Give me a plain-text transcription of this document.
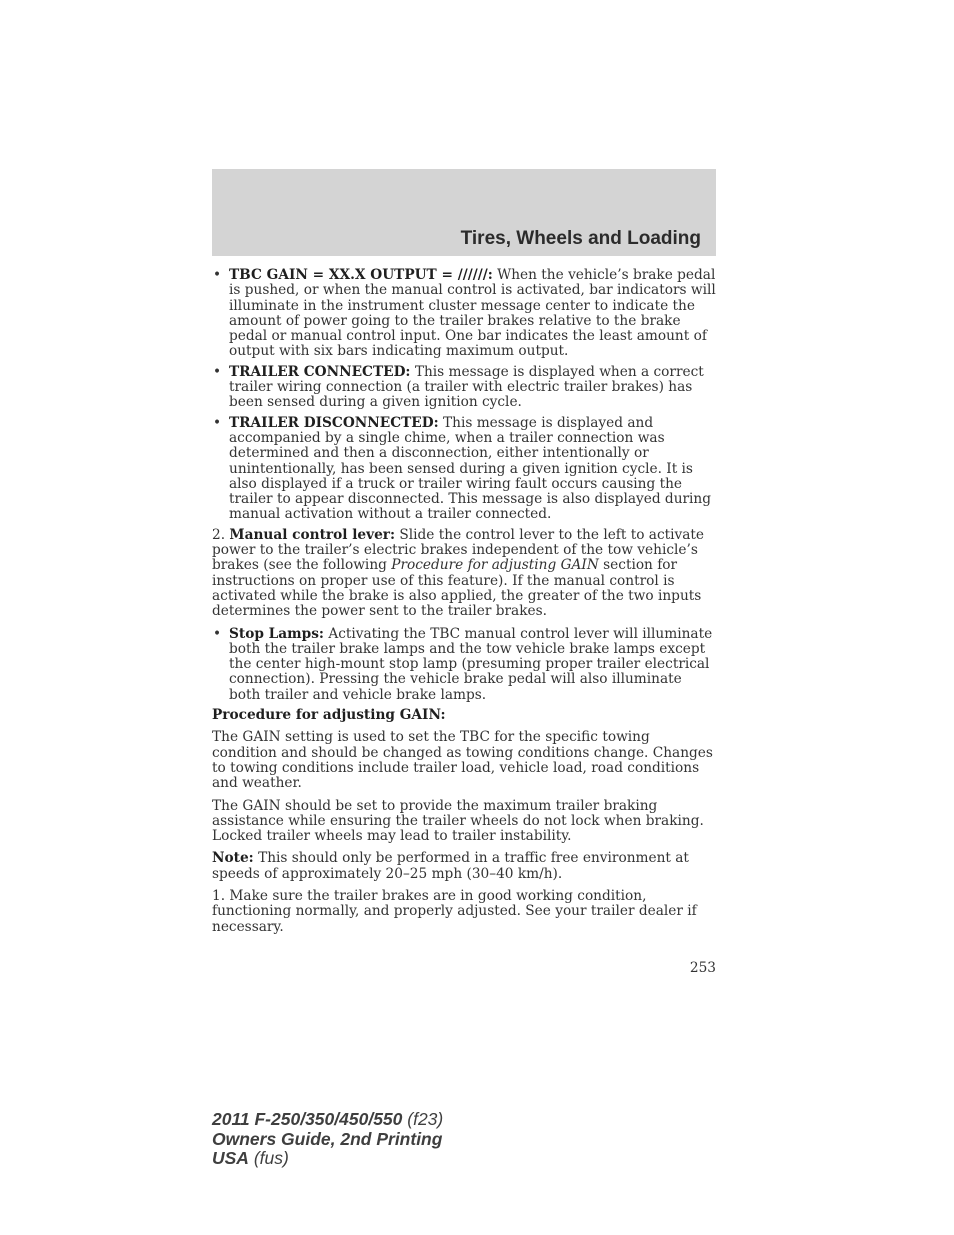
Tires, Wheels and Loading
• TBC GAIN = XX.X OUTPUT = //////: When the vehicle’s brake pedal is pushed, or when the manual control is activated, bar indicators will illuminate in the instrument cluster message center to indicate the amount of power going to the trailer brakes relative to the brake pedal or manual control input. One bar indicates the least amount of output with six bars indicating maximum output.
• TRAILER CONNECTED: This message is displayed when a correct trailer wiring connection (a trailer with electric trailer brakes) has been sensed during a given ignition cycle.
• TRAILER DISCONNECTED: This message is displayed and accompanied by a single chime, when a trailer connection was determined and then a disconnection, either intentionally or unintentionally, has been sensed during a given ignition cycle. It is also displayed if a truck or trailer wiring fault occurs causing the trailer to appear disconnected. This message is also displayed during manual activation without a trailer connected.

2. Manual control lever: Slide the control lever to the left to activate power to the trailer’s electric brakes independent of the tow vehicle’s brakes (see the following Procedure for adjusting GAIN section for instructions on proper use of this feature). If the manual control is activated while the brake is also applied, the greater of the two inputs determines the power sent to the trailer brakes.

• Stop Lamps: Activating the TBC manual control lever will illuminate both the trailer brake lamps and the tow vehicle brake lamps except the center high-mount stop lamp (presuming proper trailer electrical connection). Pressing the vehicle brake pedal will also illuminate both trailer and vehicle brake lamps.

Procedure for adjusting GAIN:

The GAIN setting is used to set the TBC for the specific towing condition and should be changed as towing conditions change. Changes to towing conditions include trailer load, vehicle load, road conditions and weather.

The GAIN should be set to provide the maximum trailer braking assistance while ensuring the trailer wheels do not lock when braking. Locked trailer wheels may lead to trailer instability.

Note: This should only be performed in a traffic free environment at speeds of approximately 20–25 mph (30–40 km/h).

1. Make sure the trailer brakes are in good working condition, functioning normally, and properly adjusted. See your trailer dealer if necessary.

253
2011 F-250/350/450/550 (f23)
Owners Guide, 2nd Printing
USA (fus)
